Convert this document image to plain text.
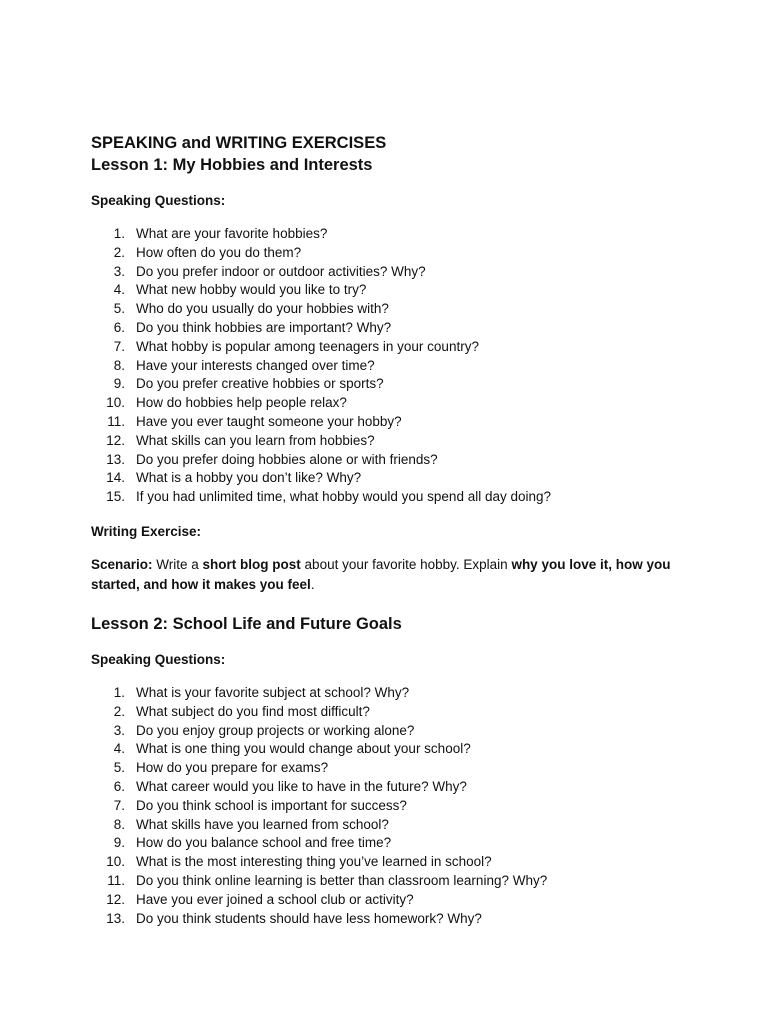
SPEAKING and WRITING EXERCISES
Lesson 1: My Hobbies and Interests

Speaking Questions:

1. What are your favorite hobbies?
2. How often do you do them?
3. Do you prefer indoor or outdoor activities? Why?
4. What new hobby would you like to try?
5. Who do you usually do your hobbies with?
6. Do you think hobbies are important? Why?
7. What hobby is popular among teenagers in your country?
8. Have your interests changed over time?
9. Do you prefer creative hobbies or sports?
10. How do hobbies help people relax?
11. Have you ever taught someone your hobby?
12. What skills can you learn from hobbies?
13. Do you prefer doing hobbies alone or with friends?
14. What is a hobby you don’t like? Why?
15. If you had unlimited time, what hobby would you spend all day doing?

Writing Exercise:

Scenario: Write a short blog post about your favorite hobby. Explain why you love it, how you started, and how it makes you feel.

Lesson 2: School Life and Future Goals

Speaking Questions:

1. What is your favorite subject at school? Why?
2. What subject do you find most difficult?
3. Do you enjoy group projects or working alone?
4. What is one thing you would change about your school?
5. How do you prepare for exams?
6. What career would you like to have in the future? Why?
7. Do you think school is important for success?
8. What skills have you learned from school?
9. How do you balance school and free time?
10. What is the most interesting thing you’ve learned in school?
11. Do you think online learning is better than classroom learning? Why?
12. Have you ever joined a school club or activity?
13. Do you think students should have less homework? Why?
